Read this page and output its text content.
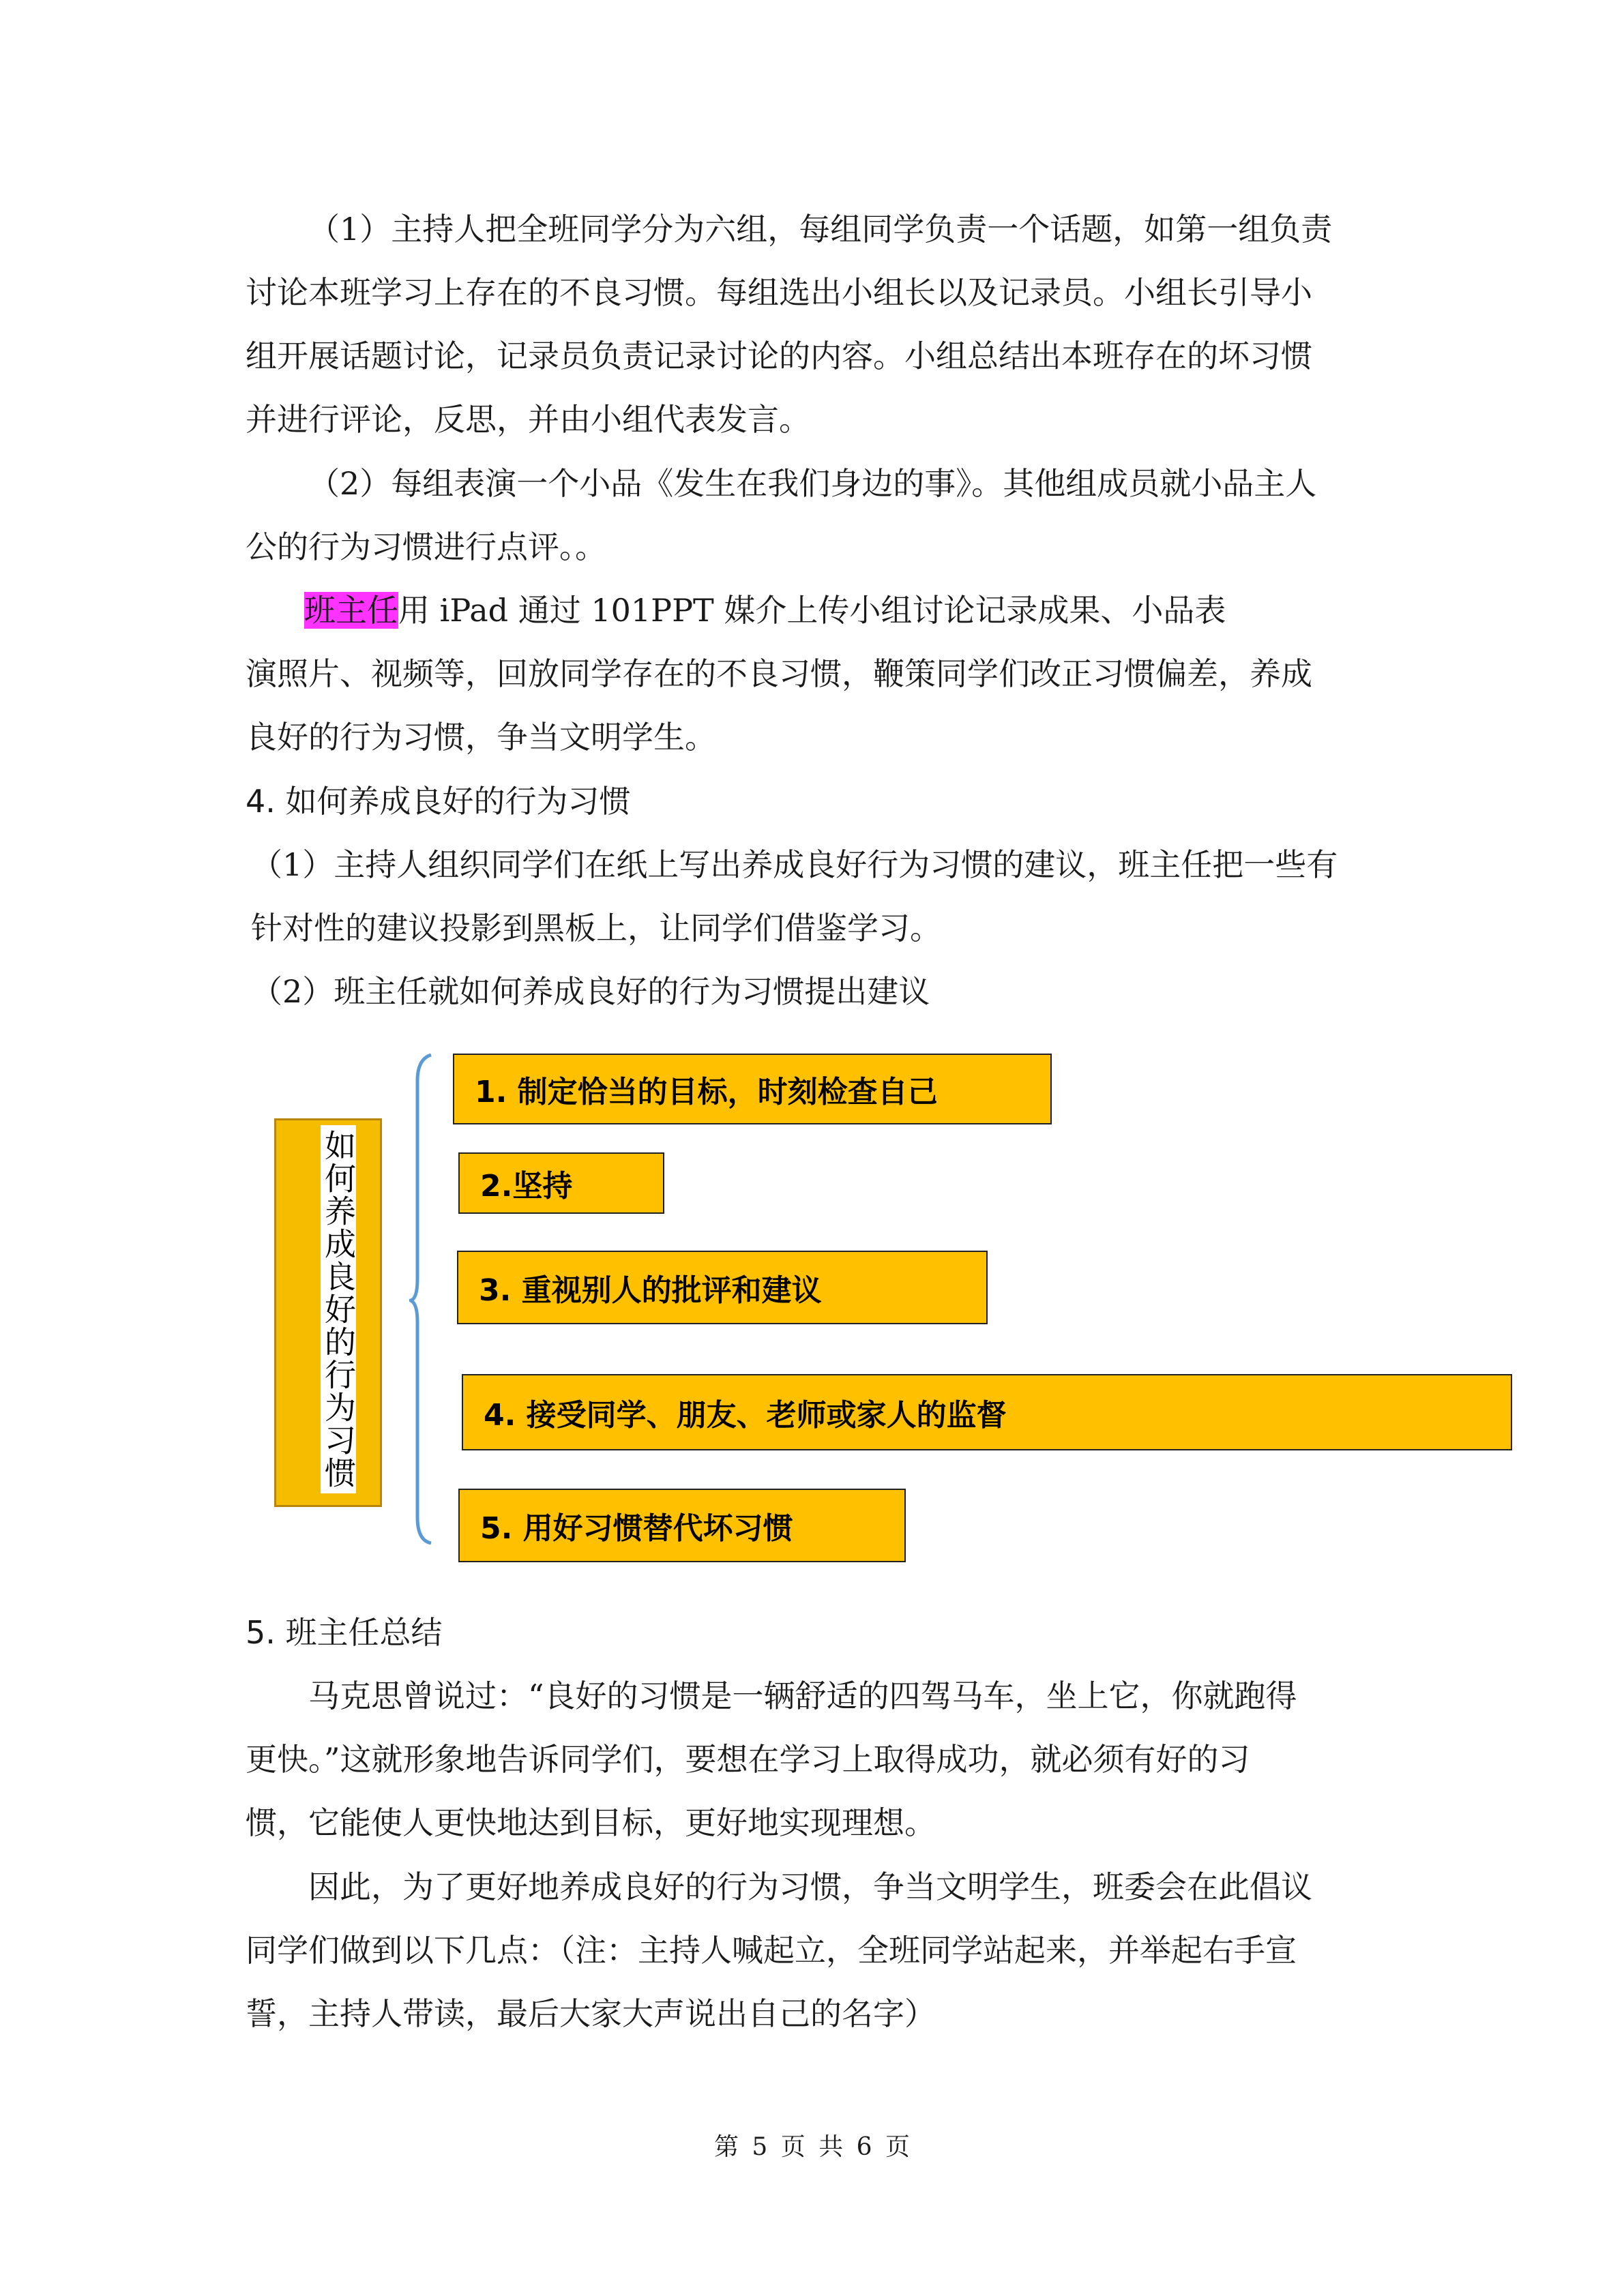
（1）主持人把全班同学分为六组，每组同学负责一个话题，如第一组负责
讨论本班学习上存在的不良习惯。每组选出小组长以及记录员。小组长引导小
组开展话题讨论，记录员负责记录讨论的内容。小组总结出本班存在的坏习惯
并进行评论，反思，并由小组代表发言。

（2）每组表演一个小品《发生在我们身边的事》。其他组成员就小品主人
公的行为习惯进行点评。。

班主任用 iPad 通过 101PPT 媒介上传小组讨论记录成果、小品表
演照片、视频等，回放同学存在的不良习惯，鞭策同学们改正习惯偏差，养成
良好的行为习惯，争当文明学生。

4. 如何养成良好的行为习惯

（1）主持人组织同学们在纸上写出养成良好行为习惯的建议，班主任把一些有
针对性的建议投影到黑板上，让同学们借鉴学习。
（2）班主任就如何养成良好的行为习惯提出建议

如何养成良好的行为习惯
1. 制定恰当的目标，时刻检查自己
2.坚持
3. 重视别人的批评和建议
4. 接受同学、朋友、老师或家人的监督
5. 用好习惯替代坏习惯

5. 班主任总结

马克思曾说过：“良好的习惯是一辆舒适的四驾马车，坐上它，你就跑得
更快。”这就形象地告诉同学们，要想在学习上取得成功，就必须有好的习
惯，它能使人更快地达到目标，更好地实现理想。

因此，为了更好地养成良好的行为习惯，争当文明学生，班委会在此倡议
同学们做到以下几点：（注：主持人喊起立，全班同学站起来，并举起右手宣
誓，主持人带读，最后大家大声说出自己的名字）

第 5 页 共 6 页
